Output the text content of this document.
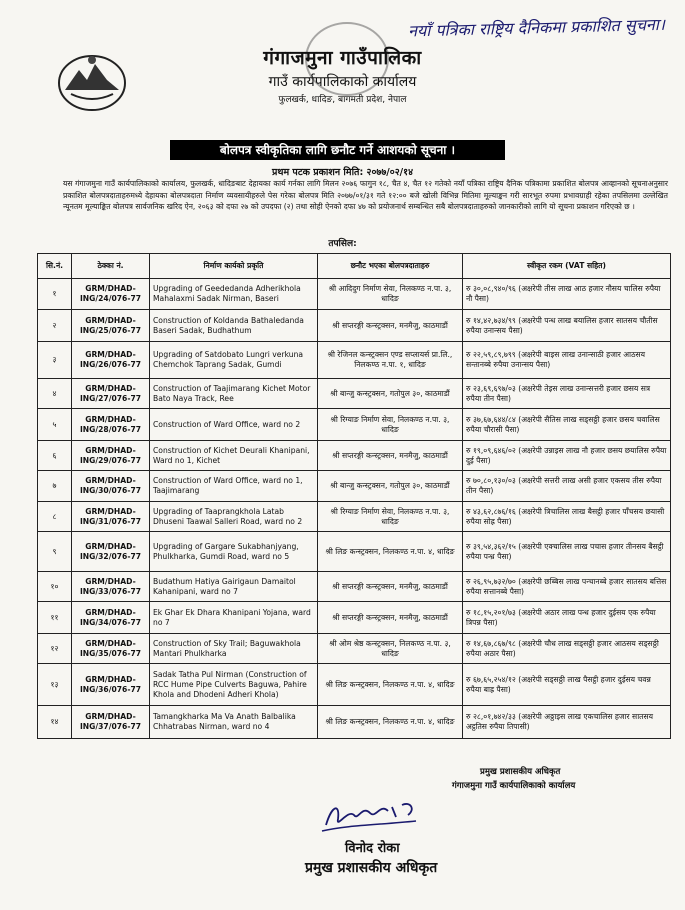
नयाँ पत्रिका राष्ट्रिय दैनिकमा प्रकाशित सुचना।
गंगाजमुना गाउँपालिका
गाउँ कार्यपालिकाको कार्यालय
फुलखर्क, धादिङ, बागमती प्रदेश, नेपाल
बोलपत्र स्वीकृतिका लागि छनौट गर्ने आशयको सूचना ।
प्रथम पटक प्रकाशन मिति: २०७७/०२/१४
यस गंगाजमुना गाउँ कार्यपालिकाको कार्यालय, फुलखर्क, धादिङबाट देहायका कार्य गर्नका लागि मिलन २०७६ फागुन १८, चैत ४, चैत १२ गतेको नयाँ पत्रिका राष्ट्रिय दैनिक पत्रिकामा प्रकाशित बोलपत्र आव्हानको सूचनाअनुसार प्रकाशित बोलपत्रदाताहरुमध्ये देहायका बोलपत्रदाता निर्माण व्यवसायीहरुले पेस गरेका बोलपत्र मिति २०७७/०१/३१ गते १२:०० बजे खोली विभिन्न मितिमा मूल्याङ्कन गरी सारभूत रुपमा प्रभावग्राही रहेका तपसिलमा उल्लेखित न्यूनतम मूल्याङ्कित बोलपत्र सार्वजनिक खरिद ऐन, २०६३ को दफा २७ को उपदफा (२) तथा सोही ऐनको दफा ४७ को प्रयोजनार्थ सम्बन्धित सबै बोलपत्रदाताहरुको जानकारीको लागि यो सूचना प्रकाशन गरिएको छ ।
तपसिल:
सि.नं.	ठेक्का नं.	निर्माण कार्यको प्रकृति	छनौट भएका बोलपत्रदाताहरु	स्वीकृत रकम (VAT सहित)
१	GRM/DHAD-ING/24/076-77	Upgrading of Geededanda Adherikhola Mahalaxmi Sadak Nirman, Baseri	श्री आदिदुग निर्माण सेवा, निलकण्ठ न.पा. ३, धादिङ	रु ३०,०८,९४०/९६ (अक्षरेपी तीस लाख आठ हजार नौसय चालिस रुपैया नौ पैसा)
२	GRM/DHAD-ING/25/076-77	Construction of Koldanda Bathaledanda Baseri Sadak, Budhathum	श्री सप्तरङ्गी कन्स्ट्रक्सन, मनमैजु, काठमाडौं	रु १४,४२,७३४/९९ (अक्षरेपी पन्ध लाख बयालिस हजार सातसय चौतीस रुपैया उनान्सय पैसा)
३	GRM/DHAD-ING/26/076-77	Upgrading of Satdobato Lungri verkuna Chemchok Taprang Sadak, Gumdi	श्री रेजिनल कन्स्ट्रक्सन एण्ड सप्लायर्स प्रा.लि., निलकण्ठ न.पा. १, धादिङ	रु २२,५९,८९,७९९ (अक्षरेपी बाइस लाख उनान्साठी हजार आठसय सन्तानब्बे रुपैया उनान्सय पैसा)
४	GRM/DHAD-ING/27/076-77	Construction of Taajimarang Kichet Motor Bato Naya Track, Ree	श्री बान्जु कन्स्ट्रक्सन, गतोपुल ३०, काठमाडौं	रु २३,६९,६९७/०३ (अक्षरेपी तेइस लाख उनान्सत्तरी हजार छसय सत्र रुपैया तीन पैसा)
५	GRM/DHAD-ING/28/076-77	Construction of Ward Office, ward no 2	श्री रिग्याङ निर्माण सेवा, निलकण्ठ न.पा. ३, धादिङ	रु ३७,६७,६४४/८४ (अक्षरेपी सैतिस लाख सड्सठ्ठी हजार छसय चवालिस रुपैया चौरासी पैसा)
६	GRM/DHAD-ING/29/076-77	Construction of Kichet Deurali Khanipani, Ward no 1, Kichet	श्री सप्तरङ्गी कन्स्ट्रक्सन, मनमैजु, काठमाडौं	रु १९,०९,६४६/०२ (अक्षरेपी उन्नाइस लाख नौ हजार छसय छयालिस रुपैया दुई पैसा)
७	GRM/DHAD-ING/30/076-77	Construction of Ward Office, ward no 1, Taajimarang	श्री बान्जु कन्स्ट्रक्सन, गतोपुल ३०, काठमाडौं	रु ७०,८०,१३०/०३ (अक्षरेपी सत्तरी लाख असी हजार एकसय तीस रुपैया तीन पैसा)
८	GRM/DHAD-ING/31/076-77	Upgrading of Taaprangkhola Latab Dhuseni Taawal Salleri Road, ward no 2	श्री रिग्याङ निर्माण सेवा, निलकण्ठ न.पा. ३, धादिङ	रु ४३,६२,८७६/१६ (अक्षरेपी त्रिचालिस लाख बैसट्ठी हजार पाँचसय छयासी रुपैया सोह्र पैसा)
९	GRM/DHAD-ING/32/076-77	Upgrading of Gargare Sukabhanjyang, Phulkharka, Gumdi Road, ward no 5	श्री लिङ कन्स्ट्रक्सन, निलकण्ठ न.पा. ४, धादिङ	रु ३९,५४,३६२/१५ (अक्षरेपी एक्चालिस लाख पचास हजार तीनसय बैसट्ठी रुपैया पन्ध्र पैसा)
१०	GRM/DHAD-ING/33/076-77	Budathum Hatiya Gairigaun Damaitol Kahanipani, ward no 7	श्री सप्तरङ्गी कन्स्ट्रक्सन, मनमैजु, काठमाडौं	रु २६,९५,७३२/७० (अक्षरेपी छब्बिस लाख पन्चानब्बे हजार सातसय बत्तिस रुपैया सत्तानब्बे पैसा)
११	GRM/DHAD-ING/34/076-77	Ek Ghar Ek Dhara Khanipani Yojana, ward no 7	श्री सप्तरङ्गी कन्स्ट्रक्सन, मनमैजु, काठमाडौं	रु १८,१५,२०१/७३ (अक्षरेपी अठार लाख पन्ध हजार दुईसय एक रुपैया त्रिपन्न पैसा)
१२	GRM/DHAD-ING/35/076-77	Construction of Sky Trail; Baguwakhola Mantari Phulkharka	श्री ओम श्रेष्ठ कन्स्ट्रक्सन, निलकण्ठ न.पा. ३, धादिङ	रु १४,६७,८६७/९८ (अक्षरेपी चौध लाख सड्सठ्ठी हजार आठसय सड्सठ्ठी रुपैया अठार पैसा)
१३	GRM/DHAD-ING/36/076-77	Sadak Tatha Pul Nirman (Construction of RCC Hume Pipe Culverts Baguwa, Pahire Khola and Dhodeni Adheri Khola)	श्री लिङ कन्स्ट्रक्सन, निलकण्ठ न.पा. ४, धादिङ	रु ६७,६५,२५४/१२ (अक्षरेपी सड्सठ्ठी लाख पैसट्ठी हजार दुईसय चवन्न रुपैया बाह्र पैसा)
१४	GRM/DHAD-ING/37/076-77	Tamangkharka Ma Va Anath Balbalika Chhatrabas Nirman, ward no 4	श्री लिङ कन्स्ट्रक्सन, निलकण्ठ न.पा. ४, धादिङ	रु २८,०१,७४२/३३ (अक्षरेपी अठ्ठाइस लाख एकचालिस हजार सातसय अट्ठतिस रुपैया तिपासी)
प्रमुख प्रशासकीय अधिकृत
गंगाजमुना गाउँ कार्यपालिकाको कार्यालय
विनोद रोका
प्रमुख प्रशासकीय अधिकृत
